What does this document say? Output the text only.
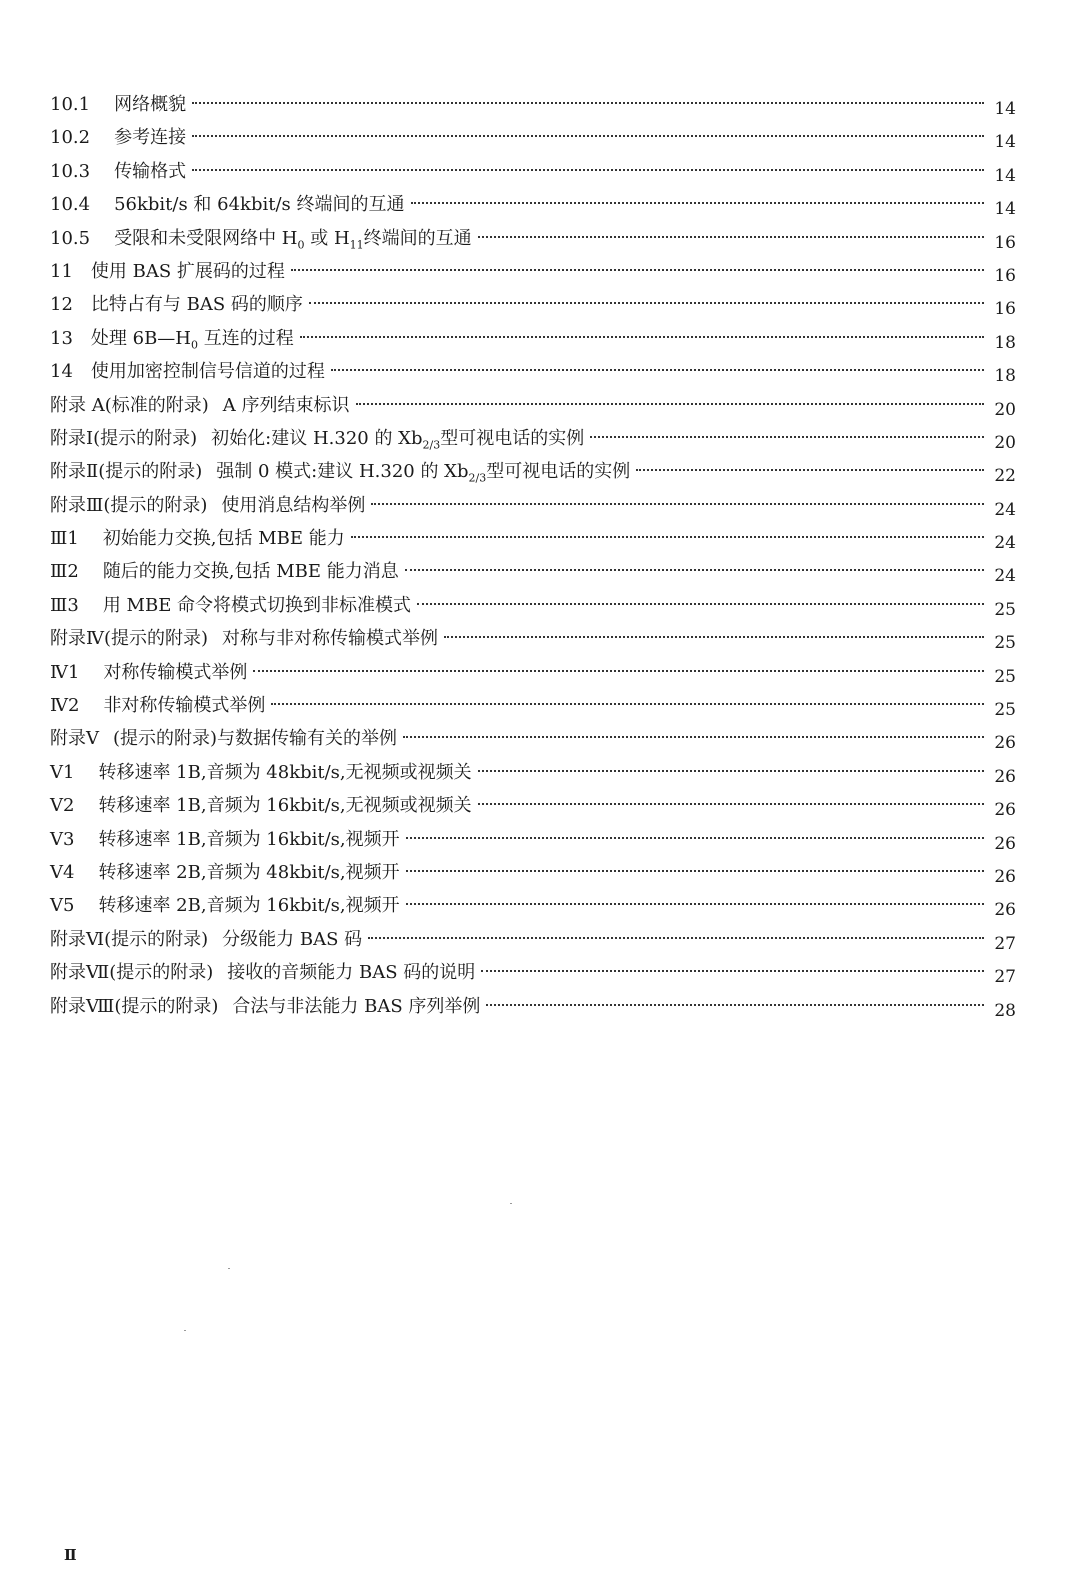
10.1 网络概貌	14
10.2 参考连接	14
10.3 传输格式	14
10.4 56kbit/s 和 64kbit/s 终端间的互通	14
10.5 受限和未受限网络中 $H_0$ 或 $H_{11}$终端间的互通	16
11 使用 BAS 扩展码的过程	16
12 比特占有与 BAS 码的顺序	16
13 处理 $6B—H_0$ 互连的过程	18
14 使用加密控制信号信道的过程	18
附录 A(标准的附录) A 序列结束标识	20
附录Ⅰ(提示的附录) 初始化:建议 H.320 的 $Xb_{2/3}$型可视电话的实例	20
附录Ⅱ(提示的附录) 强制 0 模式:建议 H.320 的 $Xb_{2/3}$型可视电话的实例	22
附录Ⅲ(提示的附录) 使用消息结构举例	24
Ⅲ1 初始能力交换,包括 MBE 能力	24
Ⅲ2 随后的能力交换,包括 MBE 能力消息	24
Ⅲ3 用 MBE 命令将模式切换到非标准模式	25
附录Ⅳ(提示的附录) 对称与非对称传输模式举例	25
Ⅳ1 对称传输模式举例	25
Ⅳ2 非对称传输模式举例	25
附录Ⅴ (提示的附录)与数据传输有关的举例	26
Ⅴ1 转移速率 1B,音频为 48kbit/s,无视频或视频关	26
Ⅴ2 转移速率 1B,音频为 16kbit/s,无视频或视频关	26
Ⅴ3 转移速率 1B,音频为 16kbit/s,视频开	26
Ⅴ4 转移速率 2B,音频为 48kbit/s,视频开	26
Ⅴ5 转移速率 2B,音频为 16kbit/s,视频开	26
附录Ⅵ(提示的附录) 分级能力 BAS 码	27
附录Ⅶ(提示的附录) 接收的音频能力 BAS 码的说明	27
附录Ⅷ(提示的附录) 合法与非法能力 BAS 序列举例	28
Ⅱ
